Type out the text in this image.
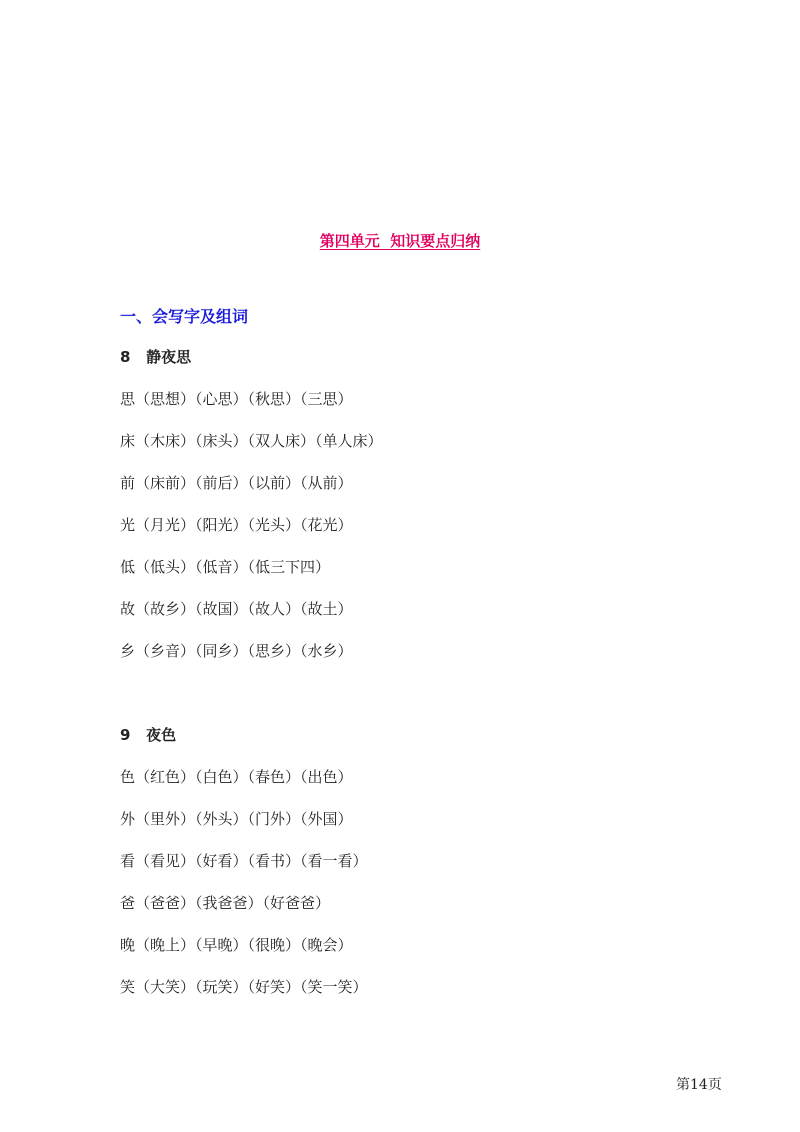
第四单元  知识要点归纳
一、会写字及组词
8   静夜思
思（思想）（心思）（秋思）（三思）
床（木床）（床头）（双人床）（单人床）
前（床前）（前后）（以前）（从前）
光（月光）（阳光）（光头）（花光）
低（低头）（低音）（低三下四）
故（故乡）（故国）（故人）（故土）
乡（乡音）（同乡）（思乡）（水乡）
9   夜色
色（红色）（白色）（春色）（出色）
外（里外）（外头）（门外）（外国）
看（看见）（好看）（看书）（看一看）
爸（爸爸）（我爸爸）（好爸爸）
晚（晚上）（早晚）（很晚）（晚会）
笑（大笑）（玩笑）（好笑）（笑一笑）
第14页
